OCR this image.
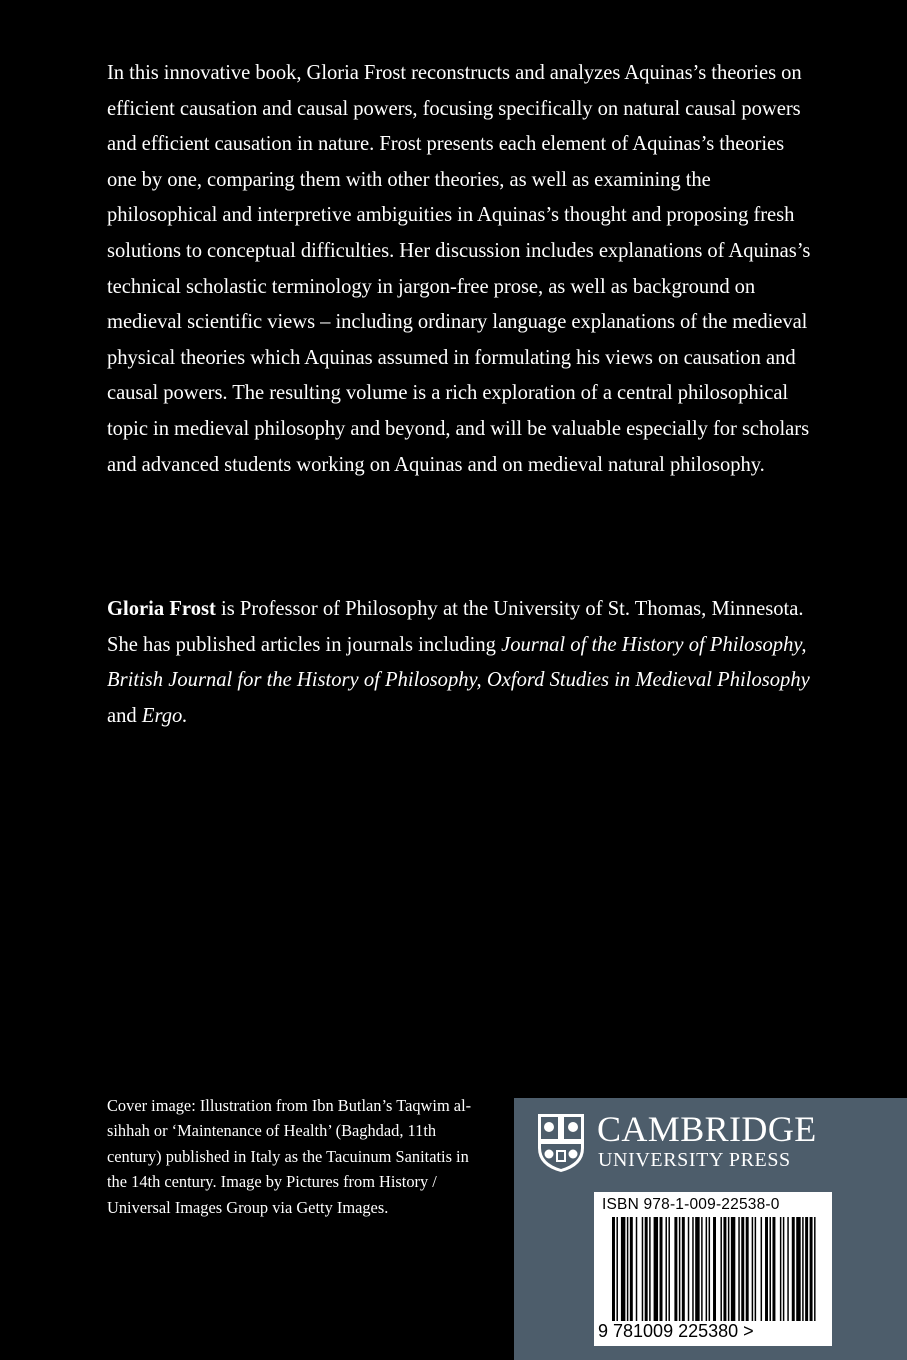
In this innovative book, Gloria Frost reconstructs and analyzes Aquinas’s theories on efficient causation and causal powers, focusing specifically on natural causal powers and efficient causation in nature. Frost presents each element of Aquinas’s theories one by one, comparing them with other theories, as well as examining the philosophical and interpretive ambiguities in Aquinas’s thought and proposing fresh solutions to conceptual difficulties. Her discussion includes explanations of Aquinas’s technical scholastic terminology in jargon-free prose, as well as background on medieval scientific views – including ordinary language explanations of the medieval physical theories which Aquinas assumed in formulating his views on causation and causal powers. The resulting volume is a rich exploration of a central philosophical topic in medieval philosophy and beyond, and will be valuable especially for scholars and advanced students working on Aquinas and on medieval natural philosophy.

Gloria Frost is Professor of Philosophy at the University of St. Thomas, Minnesota. She has published articles in journals including Journal of the History of Philosophy, British Journal for the History of Philosophy, Oxford Studies in Medieval Philosophy and Ergo.

Cover image: Illustration from Ibn Butlan’s Taqwim al-sihhah or ‘Maintenance of Health’ (Baghdad, 11th century) published in Italy as the Tacuinum Sanitatis in the 14th century. Image by Pictures from History / Universal Images Group via Getty Images.

CAMBRIDGE
UNIVERSITY PRESS
ISBN 978-1-009-22538-0
9 781009 225380 >
